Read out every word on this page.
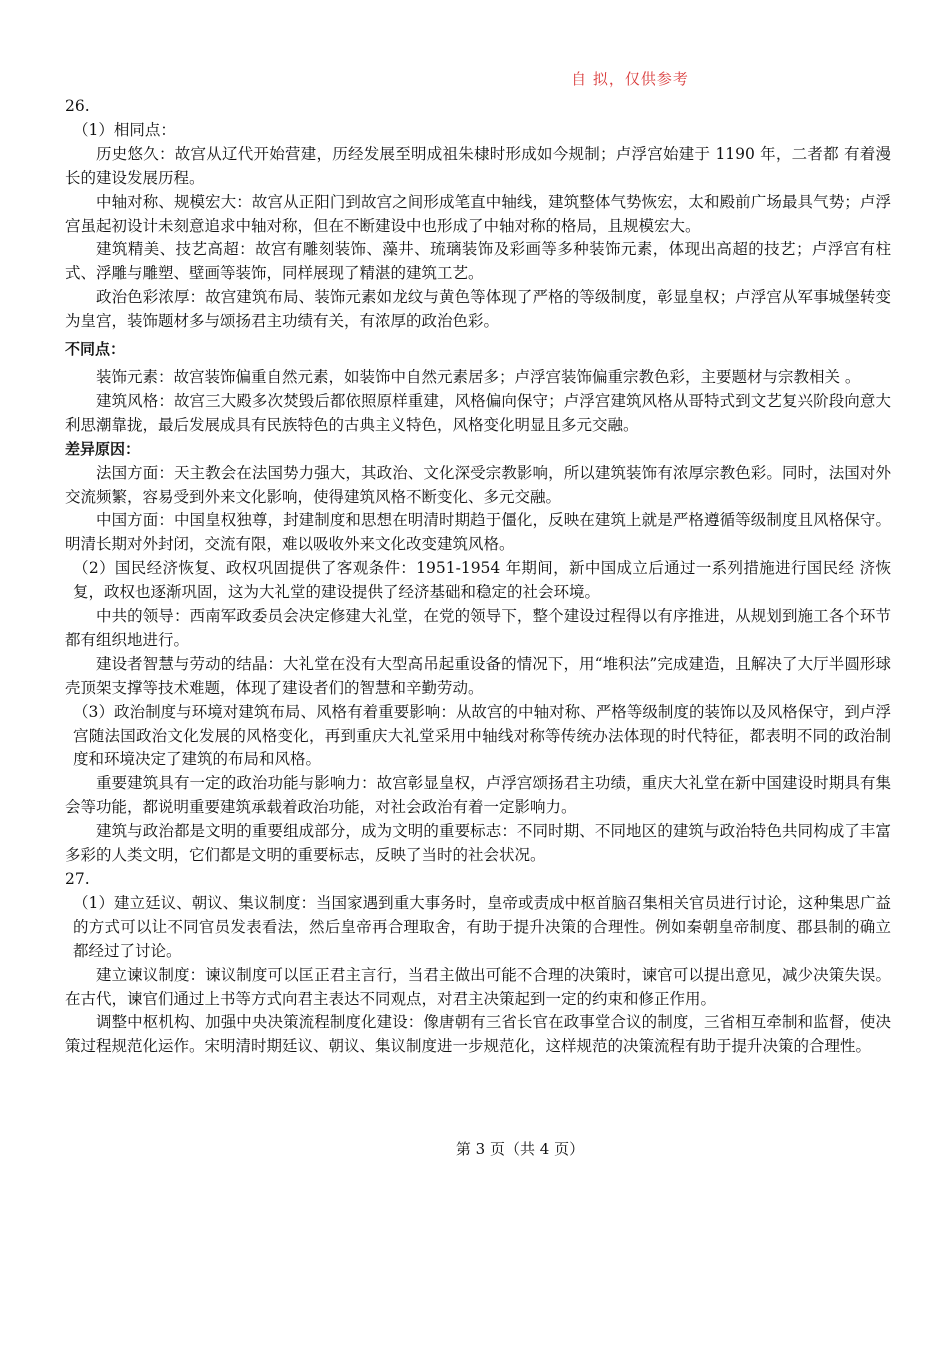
自 拟，仅供参考

26.

（1）相同点：

历史悠久：故宫从辽代开始营建，历经发展至明成祖朱棣时形成如今规制；卢浮宫始建于 1190 年，二者都 有着漫长的建设发展历程。

中轴对称、规模宏大：故宫从正阳门到故宫之间形成笔直中轴线，建筑整体气势恢宏，太和殿前广场最具气势；卢浮宫虽起初设计未刻意追求中轴对称，但在不断建设中也形成了中轴对称的格局，且规模宏大。

建筑精美、技艺高超：故宫有雕刻装饰、藻井、琉璃装饰及彩画等多种装饰元素，体现出高超的技艺；卢浮宫有柱式、浮雕与雕塑、壁画等装饰，同样展现了精湛的建筑工艺。

政治色彩浓厚：故宫建筑布局、装饰元素如龙纹与黄色等体现了严格的等级制度，彰显皇权；卢浮宫从军事城堡转变为皇宫，装饰题材多与颂扬君主功绩有关，有浓厚的政治色彩。

不同点：

装饰元素：故宫装饰偏重自然元素，如装饰中自然元素居多；卢浮宫装饰偏重宗教色彩，主要题材与宗教相关 。

建筑风格：故宫三大殿多次焚毁后都依照原样重建，风格偏向保守；卢浮宫建筑风格从哥特式到文艺复兴阶段向意大利思潮靠拢，最后发展成具有民族特色的古典主义特色，风格变化明显且多元交融。

差异原因：

法国方面：天主教会在法国势力强大，其政治、文化深受宗教影响，所以建筑装饰有浓厚宗教色彩。同时，法国对外交流频繁，容易受到外来文化影响，使得建筑风格不断变化、多元交融。

中国方面：中国皇权独尊，封建制度和思想在明清时期趋于僵化，反映在建筑上就是严格遵循等级制度且风格保守。明清长期对外封闭，交流有限，难以吸收外来文化改变建筑风格。

（2）国民经济恢复、政权巩固提供了客观条件：1951-1954 年期间，新中国成立后通过一系列措施进行国民经 济恢复，政权也逐渐巩固，这为大礼堂的建设提供了经济基础和稳定的社会环境。

中共的领导：西南军政委员会决定修建大礼堂，在党的领导下，整个建设过程得以有序推进，从规划到施工各个环节都有组织地进行。

建设者智慧与劳动的结晶：大礼堂在没有大型高吊起重设备的情况下，用“堆积法”完成建造，且解决了大厅半圆形球壳顶架支撑等技术难题，体现了建设者们的智慧和辛勤劳动。

（3）政治制度与环境对建筑布局、风格有着重要影响：从故宫的中轴对称、严格等级制度的装饰以及风格保守，到卢浮宫随法国政治文化发展的风格变化，再到重庆大礼堂采用中轴线对称等传统办法体现的时代特征，都表明不同的政治制度和环境决定了建筑的布局和风格。

重要建筑具有一定的政治功能与影响力：故宫彰显皇权，卢浮宫颂扬君主功绩，重庆大礼堂在新中国建设时期具有集会等功能，都说明重要建筑承载着政治功能，对社会政治有着一定影响力。

建筑与政治都是文明的重要组成部分，成为文明的重要标志：不同时期、不同地区的建筑与政治特色共同构成了丰富多彩的人类文明，它们都是文明的重要标志，反映了当时的社会状况。

27.

（1）建立廷议、朝议、集议制度：当国家遇到重大事务时，皇帝或责成中枢首脑召集相关官员进行讨论，这种集思广益的方式可以让不同官员发表看法，然后皇帝再合理取舍，有助于提升决策的合理性。例如秦朝皇帝制度、郡县制的确立都经过了讨论。

建立谏议制度：谏议制度可以匡正君主言行，当君主做出可能不合理的决策时，谏官可以提出意见，减少决策失误。在古代，谏官们通过上书等方式向君主表达不同观点，对君主决策起到一定的约束和修正作用。

调整中枢机构、加强中央决策流程制度化建设：像唐朝有三省长官在政事堂合议的制度，三省相互牵制和监督，使决策过程规范化运作。宋明清时期廷议、朝议、集议制度进一步规范化，这样规范的决策流程有助于提升决策的合理性。

第 3 页（共 4 页）
